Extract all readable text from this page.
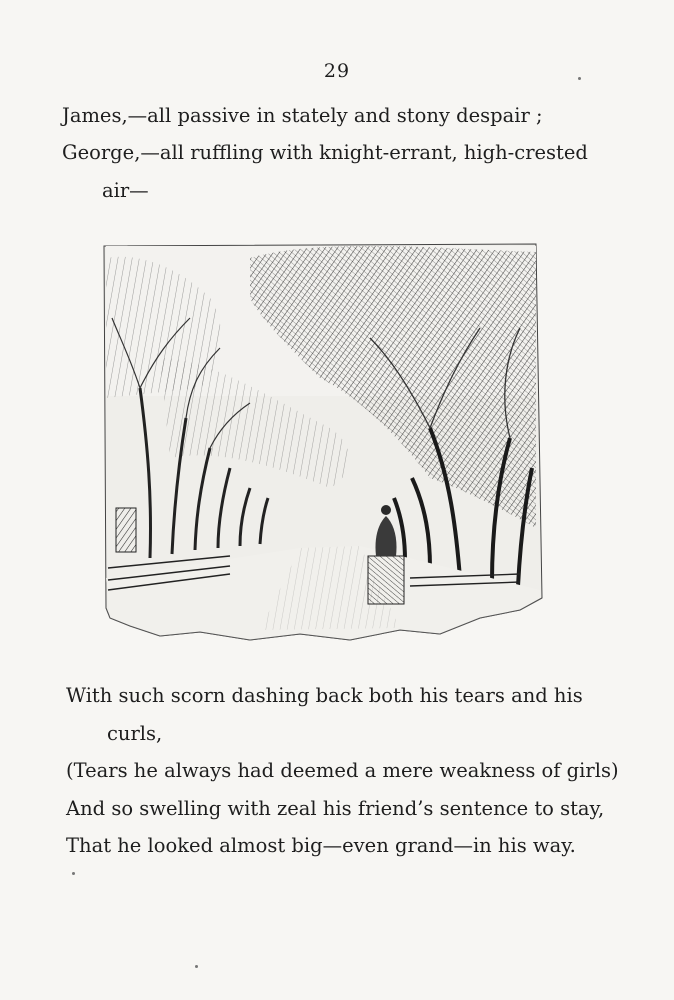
29
James,—all passive in stately and stony despair ;
George,—all ruffling with knight-errant, high-crested
air—
With such scorn dashing back both his tears and his
curls,
(Tears he always had deemed a mere weakness of girls)
And so swelling with zeal his friend’s sentence to stay,
That he looked almost big—even grand—in his way.
